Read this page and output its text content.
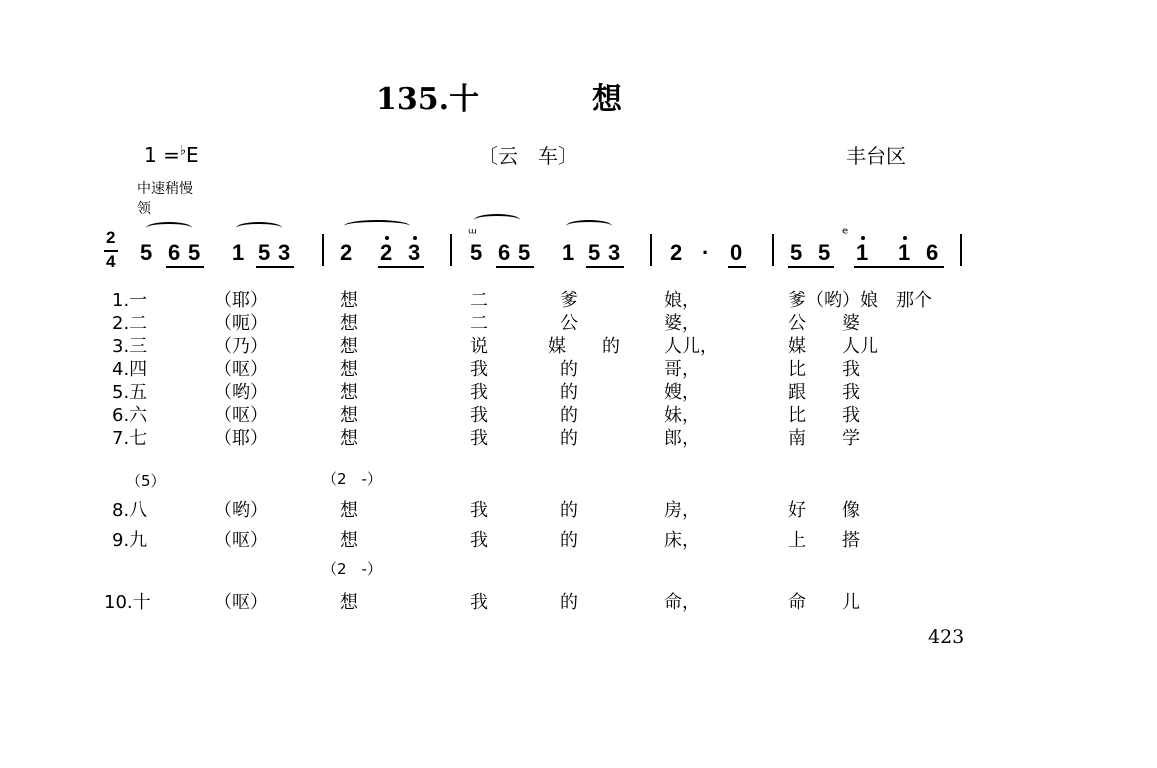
135.十	想
1 =♭E	〔云　车〕	丰台区
中速稍慢
领
2
4 5 6 5 1 5 3 2 2 3 5 6 5 1 5 3 2 · 0 5 5
ᵉ
1 1 6
ᵚ
1.一	（耶）	想	二	爹	娘，	爹（哟）娘　那个
2.二	（呃）	想	二	公	婆，	公　　婆
3.三	（乃）	想	说	媒　　的 人儿，	媒　　人儿
4.四	（呕）	想	我	的	哥，	比　　我
5.五	（哟）	想	我	的	嫂，	跟　　我
6.六	（呕）	想	我	的	妹，	比　　我
7.七	（耶）	想	我	的	郎，	南　　学
（5）	（2　-）
8.八	（哟）	想	我	的	房，	好　　像
9.九	（呕）	想	我	的	床，	上　　搭
（2　-）
10.十	（呕）	想	我	的	命，	命　　儿
423
